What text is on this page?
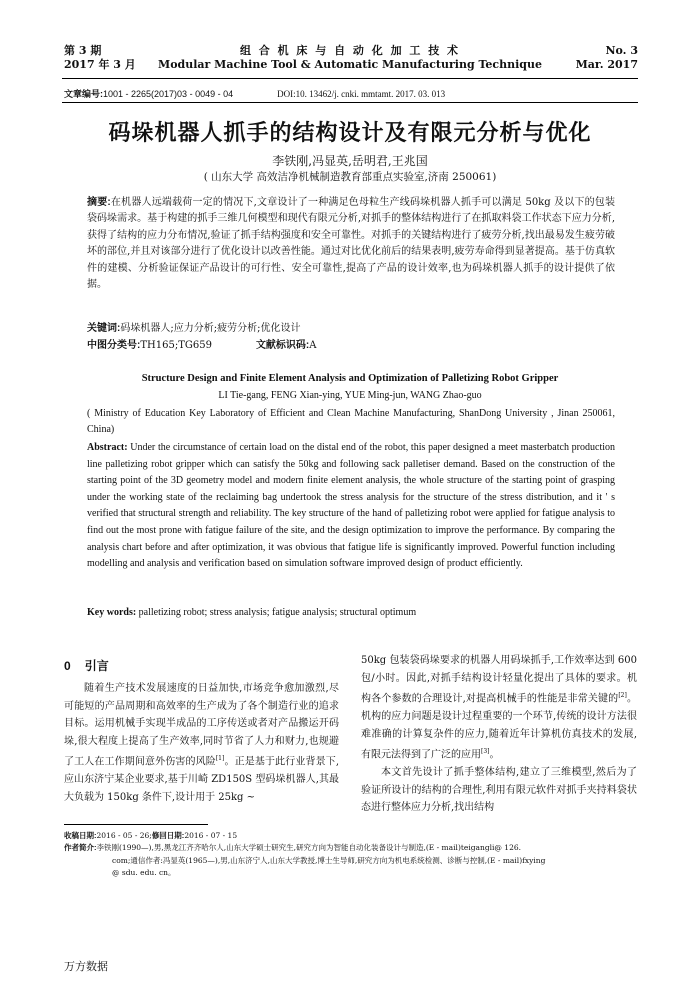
第 3 期
2017 年 3 月
组 合 机 床 与 自 动 化 加 工 技 术
Modular Machine Tool & Automatic Manufacturing Technique
No. 3
Mar. 2017
文章编号:1001 - 2265(2017)03 - 0049 - 04	DOI:10. 13462/j. cnki. mmtamt. 2017. 03. 013
码垛机器人抓手的结构设计及有限元分析与优化
李铁刚,冯显英,岳明君,王兆国
( 山东大学 高效洁净机械制造教育部重点实验室,济南 250061)
摘要:在机器人远端载荷一定的情况下,文章设计了一种满足色母粒生产线码垛机器人抓手可以满足 50kg 及以下的包装袋码垛需求。基于构建的抓手三维几何模型和现代有限元分析,对抓手的整体结构进行了在抓取料袋工作状态下应力分析,获得了结构的应力分布情况,验证了抓手结构强度和安全可靠性。对抓手的关键结构进行了疲劳分析,找出最易发生疲劳破坏的部位,并且对该部分进行了优化设计以改善性能。通过对比优化前后的结果表明,疲劳寿命得到显著提高。基于仿真软件的建模、分析验证保证产品设计的可行性、安全可靠性,提高了产品的设计效率,也为码垛机器人抓手的设计提供了依据。
关键词:码垛机器人;应力分析;疲劳分析;优化设计
中图分类号:TH165;TG659	文献标识码:A
Structure Design and Finite Element Analysis and Optimization of Palletizing Robot Gripper
LI Tie-gang, FENG Xian-ying, YUE Ming-jun, WANG Zhao-guo
( Ministry of Education Key Laboratory of Efficient and Clean Machine Manufacturing, ShanDong University , Jinan 250061, China)
Abstract: Under the circumstance of certain load on the distal end of the robot, this paper designed a meet masterbatch production line palletizing robot gripper which can satisfy the 50kg and following sack palletiser demand. Based on the construction of the starting point of the 3D geometry model and modern finite element analysis, the whole structure of the starting point of grasping under the working state of the reclaiming bag undertook the stress analysis for the structure of the stress distribution, and it ' s verified that structural strength and reliability. The key structure of the hand of palletizing robot were applied for fatigue analysis to find out the most prone with fatigue failure of the site, and the design optimization to improve the performance. By comparing the analysis chart before and after optimization, it was obvious that fatigue life is significantly improved. Powerful function including modelling and analysis and verification based on simulation software improved design of product efficiently.
Key words: palletizing robot; stress analysis; fatigue analysis; structural optimum
0 引言
随着生产技术发展速度的日益加快,市场竞争愈加激烈,尽可能短的产品周期和高效率的生产成为了各个制造行业的追求目标。运用机械手实现半成品的工序传送或者对产品搬运开码垛,很大程度上提高了生产效率,同时节省了人力和财力,也规避了工人在工作期间意外伤害的风险[1]。正是基于此行业背景下,应山东济宁某企业要求,基于川崎 ZD150S 型码垛机器人,其最大负载为 150kg 条件下,设计用于 25kg ~

50kg 包装袋码垛要求的机器人用码垛抓手,工作效率达到 600 包/小时。因此,对抓手结构设计轻量化提出了具体的要求。机构各个参数的合理设计,对提高机械手的性能是非常关键的[2]。机构的应力问题是设计过程重要的一个环节,传统的设计方法很难准确的计算复杂件的应力,随着近年计算机仿真技术的发展,有限元法得到了广泛的应用[3]。

本文首先设计了抓手整体结构,建立了三维模型,然后为了验证所设计的结构的合理性,利用有限元软件对抓手夹持料袋状态进行整体应力分析,找出结构

收稿日期:2016 - 05 - 26;修回日期:2016 - 07 - 15
作者简介:李铁刚(1990—),男,黑龙江齐齐哈尔人,山东大学硕士研究生,研究方向为智能自动化装备设计与制造,(E - mail)teigangli@ 126.
com;通信作者:冯显英(1965—),男,山东济宁人,山东大学教授,博士生导师,研究方向为机电系统检测、诊断与控制,(E - mail)fxying
@ sdu. edu. cn。
万方数据
